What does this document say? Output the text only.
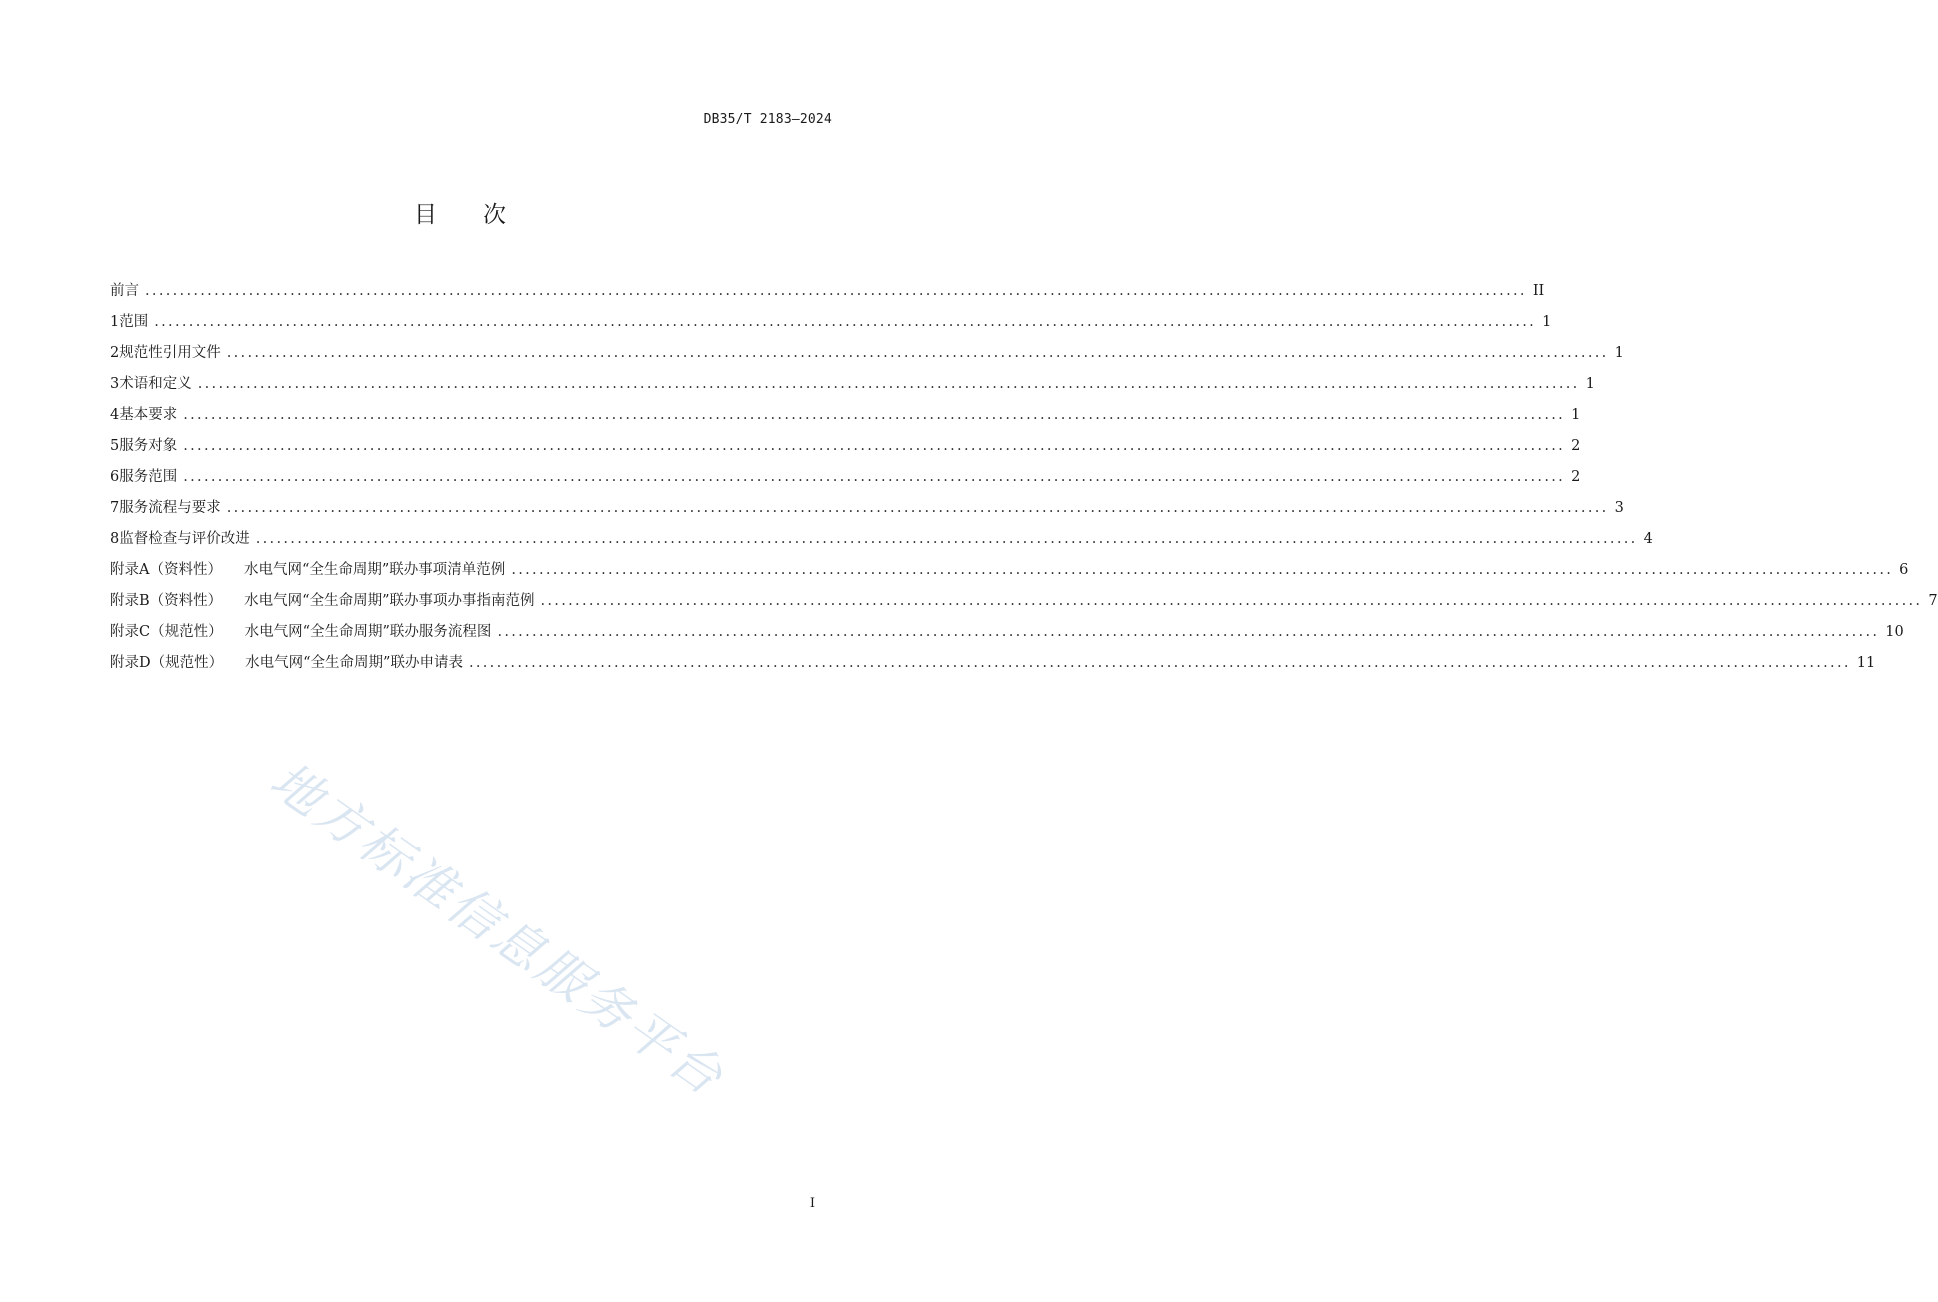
DB35/T 2183—2024
目次
前言 ........................................................................................................................................................................................................ II
1 范围 ........................................................................................................................................................................................................ 1
2 规范性引用文件 ........................................................................................................................................................................................................ 1
3 术语和定义 ........................................................................................................................................................................................................ 1
4 基本要求 ........................................................................................................................................................................................................ 1
5 服务对象 ........................................................................................................................................................................................................ 2
6 服务范围 ........................................................................................................................................................................................................ 2
7 服务流程与要求 ........................................................................................................................................................................................................ 3
8 监督检查与评价改进 ........................................................................................................................................................................................................ 4
附录A（资料性） 水电气网“全生命周期”联办事项清单范例 ........................................................................................................................................................................................................ 6
附录B（资料性） 水电气网“全生命周期”联办事项办事指南范例 ........................................................................................................................................................................................................ 7
附录C（规范性） 水电气网“全生命周期”联办服务流程图 ........................................................................................................................................................................................................ 10
附录D（规范性） 水电气网“全生命周期”联办申请表 ........................................................................................................................................................................................................ 11
地方标准信息服务平台
I
